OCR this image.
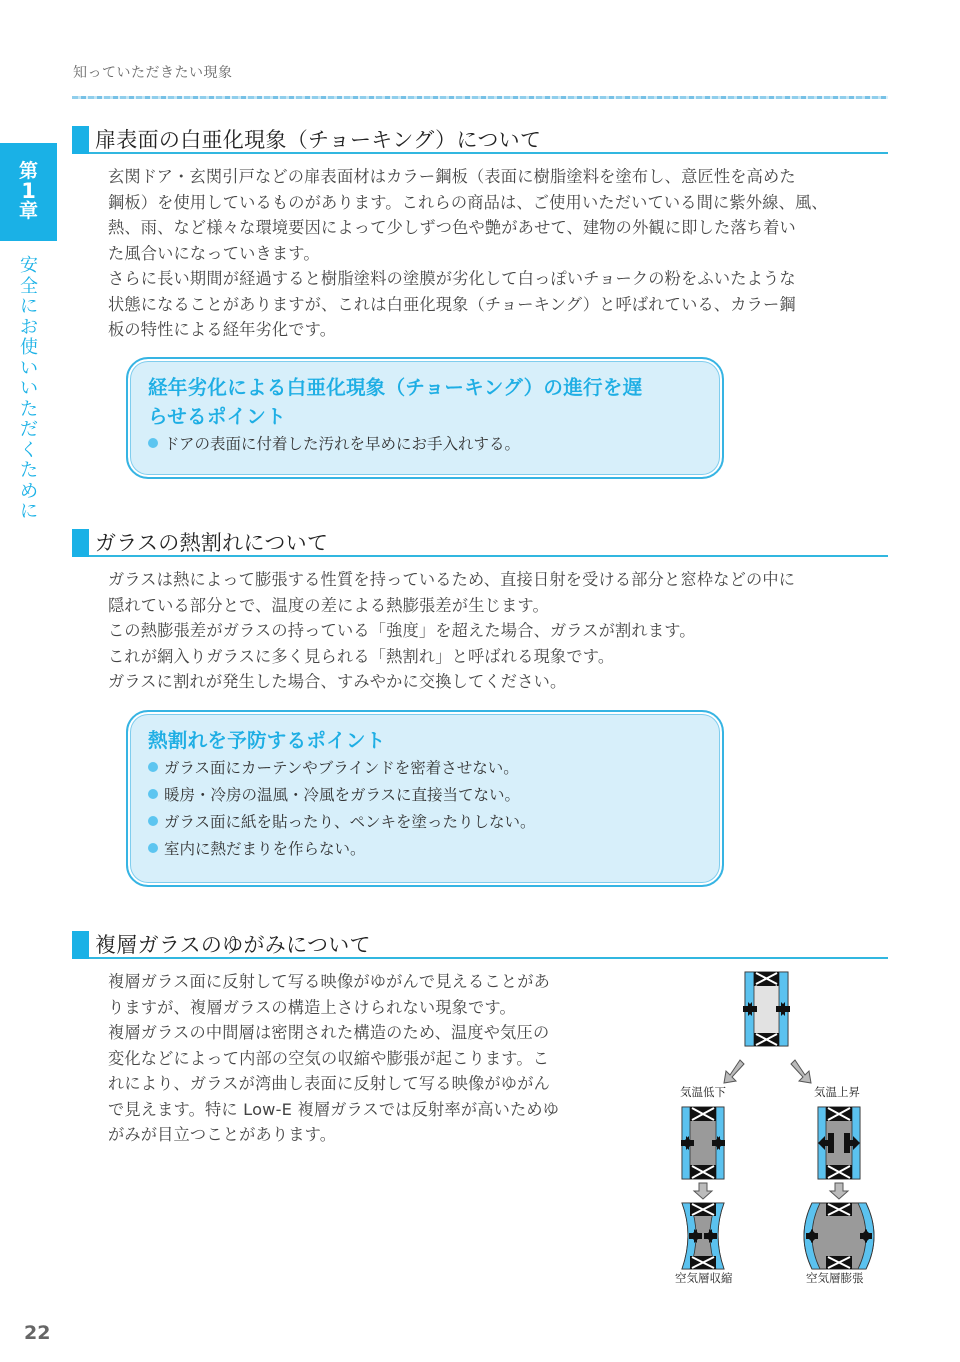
知っていただきたい現象
第
1
章
安全にお使いいただくために
扉表面の白亜化現象（チョーキング）について

玄関ドア・玄関引戸などの扉表面材はカラー鋼板（表面に樹脂塗料を塗布し、意匠性を高めた

鋼板）を使用しているものがあります。これらの商品は、ご使用いただいている間に紫外線、風、

熱、雨、など様々な環境要因によって少しずつ色や艶があせて、建物の外観に即した落ち着い

た風合いになっていきます。

さらに長い期間が経過すると樹脂塗料の塗膜が劣化して白っぽいチョークの粉をふいたような

状態になることがありますが、これは白亜化現象（チョーキング）と呼ばれている、カラー鋼

板の特性による経年劣化です。

経年劣化による白亜化現象（チョーキング）の進行を遅
らせるポイント
ドアの表面に付着した汚れを早めにお手入れする。
ガラスの熱割れについて

ガラスは熱によって膨張する性質を持っているため、直接日射を受ける部分と窓枠などの中に

隠れている部分とで、温度の差による熱膨張差が生じます。

この熱膨張差がガラスの持っている「強度」を超えた場合、ガラスが割れます。

これが網入りガラスに多く見られる「熱割れ」と呼ばれる現象です。

ガラスに割れが発生した場合、すみやかに交換してください。

熱割れを予防するポイント
ガラス面にカーテンやブラインドを密着させない。
暖房・冷房の温風・冷風をガラスに直接当てない。
ガラス面に紙を貼ったり、ペンキを塗ったりしない。
室内に熱だまりを作らない。
複層ガラスのゆがみについて

複層ガラス面に反射して写る映像がゆがんで見えることがあ

りますが、複層ガラスの構造上さけられない現象です。

複層ガラスの中間層は密閉された構造のため、温度や気圧の

変化などによって内部の空気の収縮や膨張が起こります。こ

れにより、ガラスが湾曲し表面に反射して写る映像がゆがん

で見えます。特に Low-E 複層ガラスでは反射率が高いためゆ

がみが目立つことがあります。

気温低下	気温上昇
空気層収縮	空気層膨張
22
